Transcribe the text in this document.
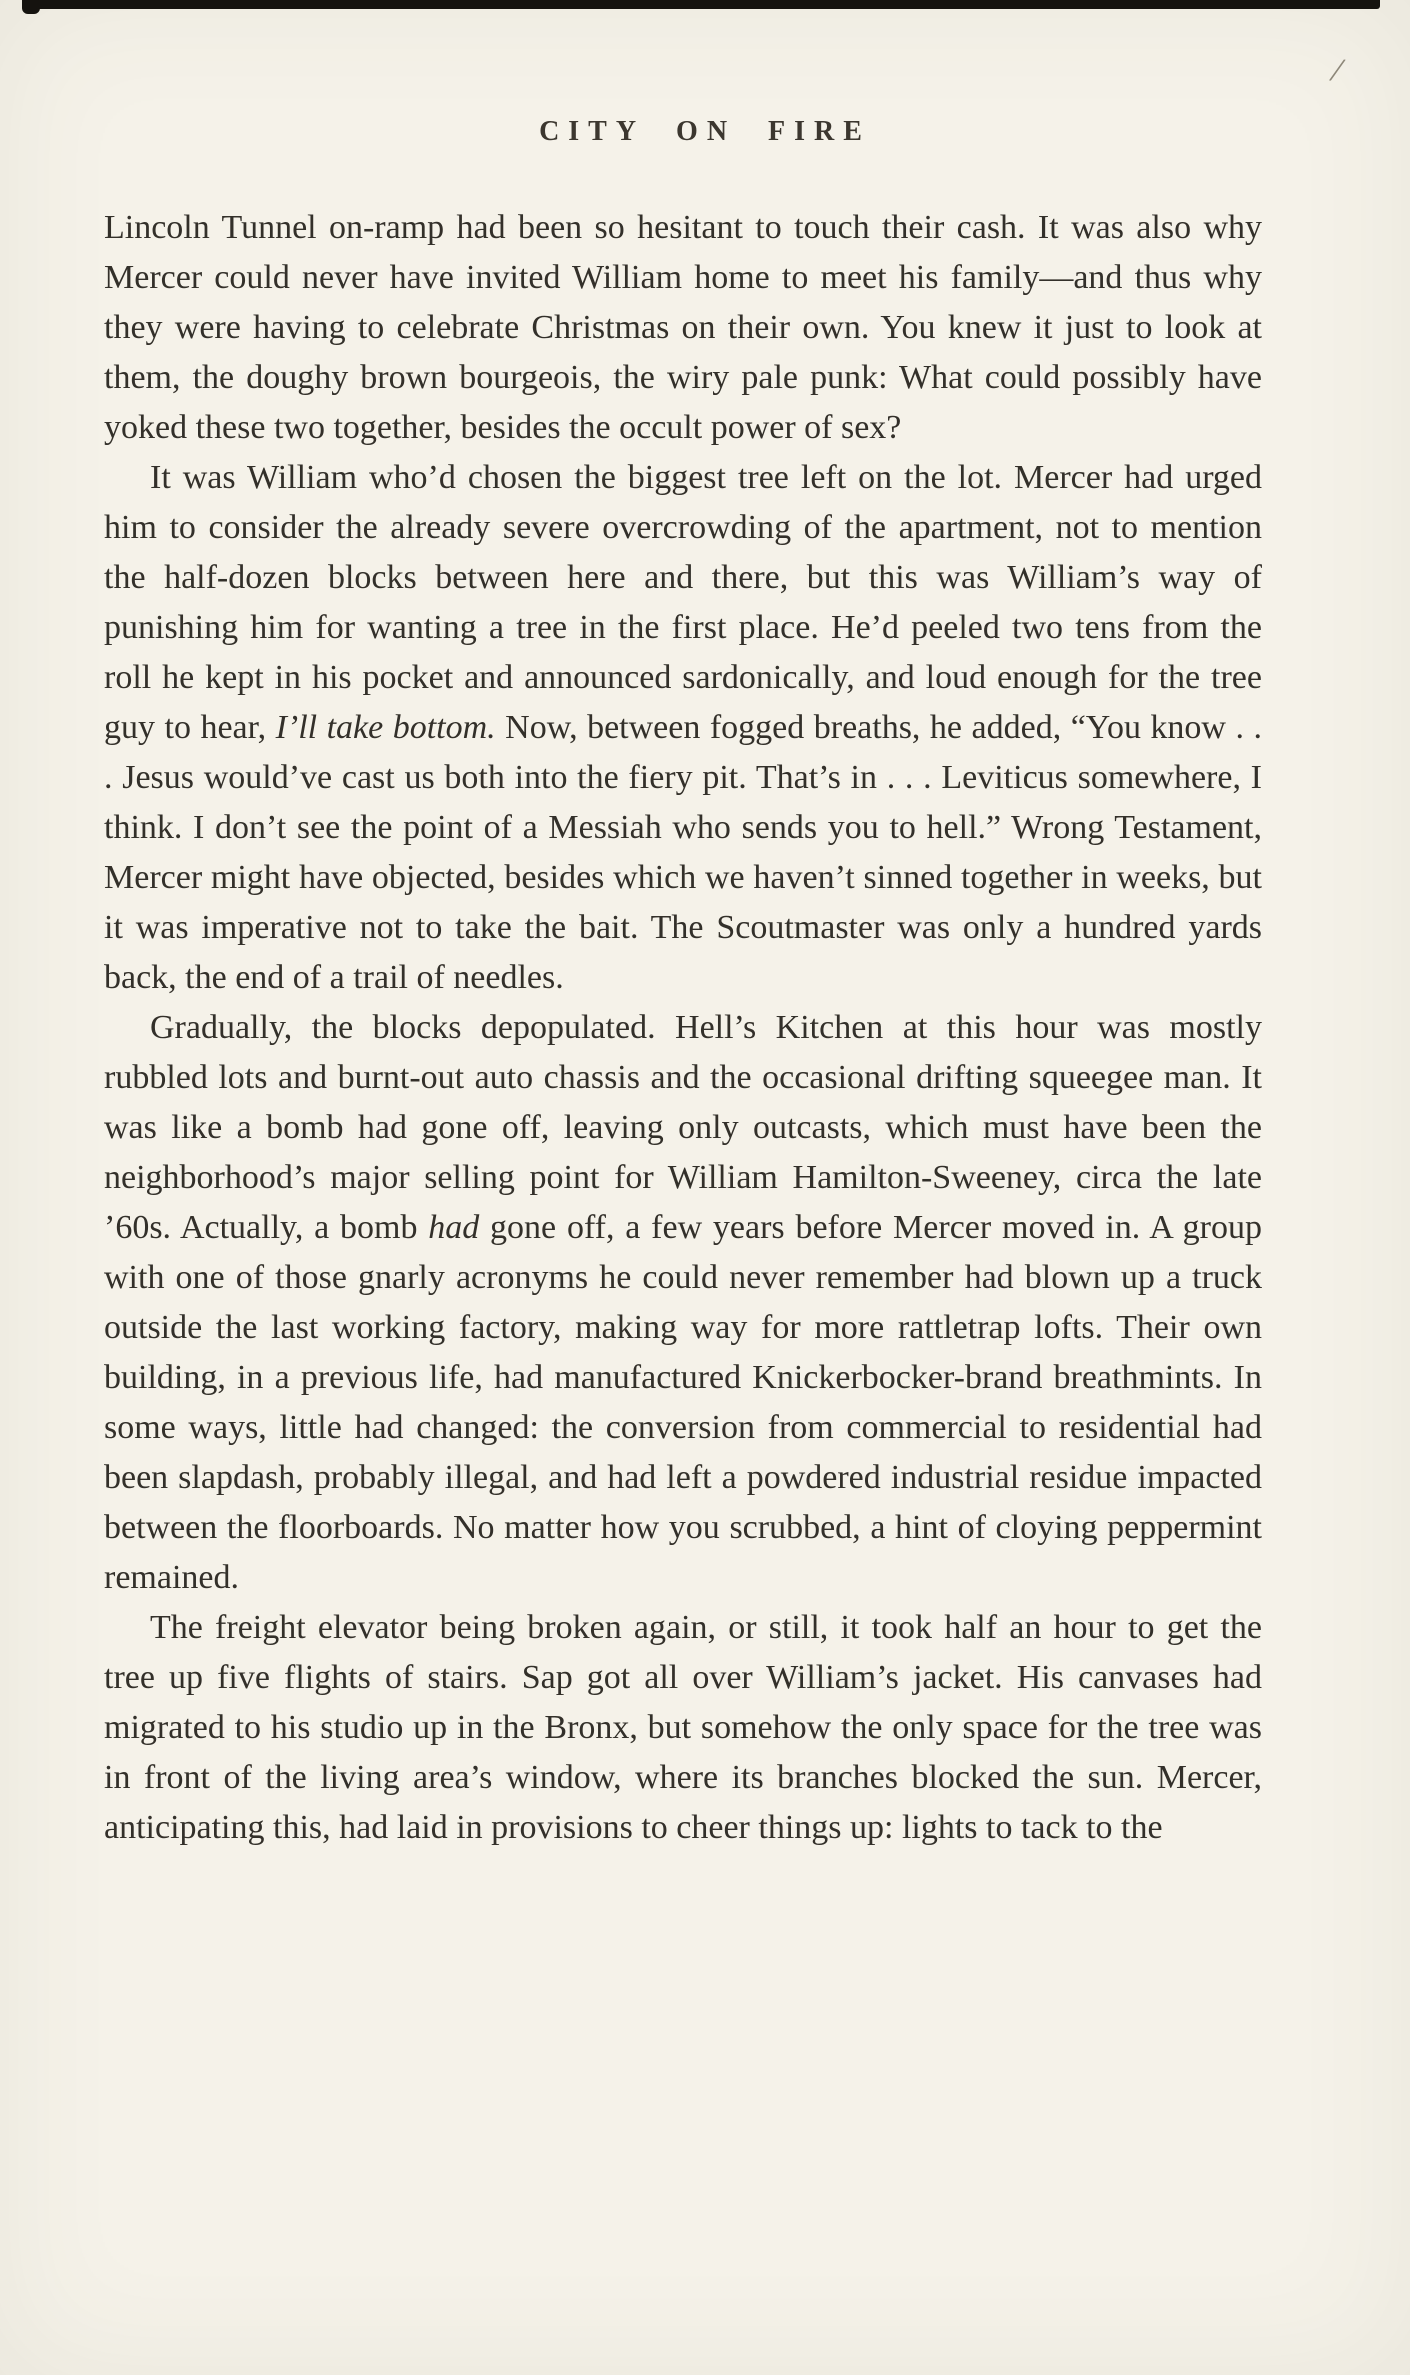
/
CITY ON FIRE

Lincoln Tunnel on-ramp had been so hesitant to touch their cash. It was also why Mercer could never have invited William home to meet his family—and thus why they were having to celebrate Christmas on their own. You knew it just to look at them, the doughy brown bourgeois, the wiry pale punk: What could possibly have yoked these two together, besides the occult power of sex?

It was William who’d chosen the biggest tree left on the lot. Mercer had urged him to consider the already severe overcrowding of the apartment, not to mention the half-dozen blocks between here and there, but this was William’s way of punishing him for wanting a tree in the first place. He’d peeled two tens from the roll he kept in his pocket and announced sardonically, and loud enough for the tree guy to hear, I’ll take bottom. Now, between fogged breaths, he added, “You know . . . Jesus would’ve cast us both into the fiery pit. That’s in . . . Leviticus somewhere, I think. I don’t see the point of a Messiah who sends you to hell.” Wrong Testament, Mercer might have objected, besides which we haven’t sinned together in weeks, but it was imperative not to take the bait. The Scoutmaster was only a hundred yards back, the end of a trail of needles.

Gradually, the blocks depopulated. Hell’s Kitchen at this hour was mostly rubbled lots and burnt-out auto chassis and the occasional drifting squeegee man. It was like a bomb had gone off, leaving only outcasts, which must have been the neighborhood’s major selling point for William Hamilton-Sweeney, circa the late ’60s. Actually, a bomb had gone off, a few years before Mercer moved in. A group with one of those gnarly acronyms he could never remember had blown up a truck outside the last working factory, making way for more rattletrap lofts. Their own building, in a previous life, had manufactured Knickerbocker-brand breathmints. In some ways, little had changed: the conversion from commercial to residential had been slapdash, probably illegal, and had left a powdered industrial residue impacted between the floorboards. No matter how you scrubbed, a hint of cloying peppermint remained.

The freight elevator being broken again, or still, it took half an hour to get the tree up five flights of stairs. Sap got all over William’s jacket. His canvases had migrated to his studio up in the Bronx, but somehow the only space for the tree was in front of the living area’s window, where its branches blocked the sun. Mercer, anticipating this, had laid in provisions to cheer things up: lights to tack to the
